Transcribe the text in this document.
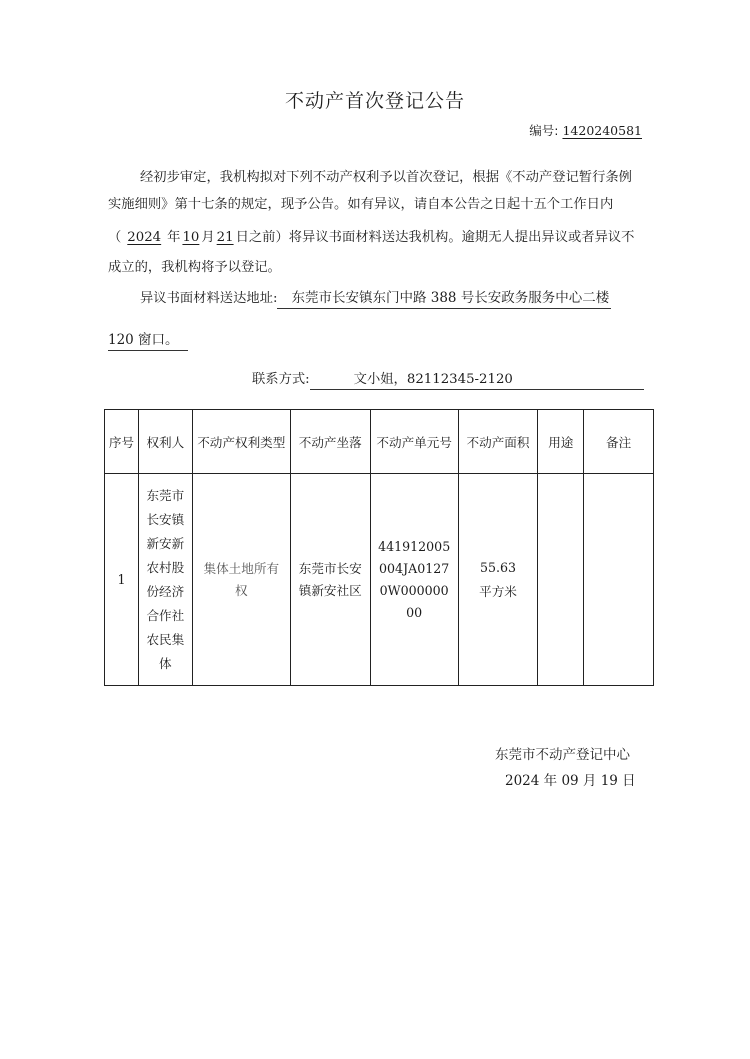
不动产首次登记公告
编号: 1420240581
经初步审定，我机构拟对下列不动产权利予以首次登记，根据《不动产登记暂行条例
实施细则》第十七条的规定，现予公告。如有异议，请自本公告之日起十五个工作日内
（ 2024 年 10 月 21 日之前）将异议书面材料送达我机构。逾期无人提出异议或者异议不
成立的，我机构将予以登记。
异议书面材料送达地址: 东莞市长安镇东门中路 388 号长安政务服务中心二楼
120 窗口。
联系方式:	文小姐，82112345-2120
序号	权利人	不动产权利类型	不动产坐落	不动产单元号	不动产面积	用途	备注
1	东莞市长安镇新安新农村股份经济合作社农民集体	集体土地所有权	东莞市长安镇新安社区	441912005004JA01270W00000000	55.63
平方米		

东莞市不动产登记中心
2024 年 09 月 19 日
